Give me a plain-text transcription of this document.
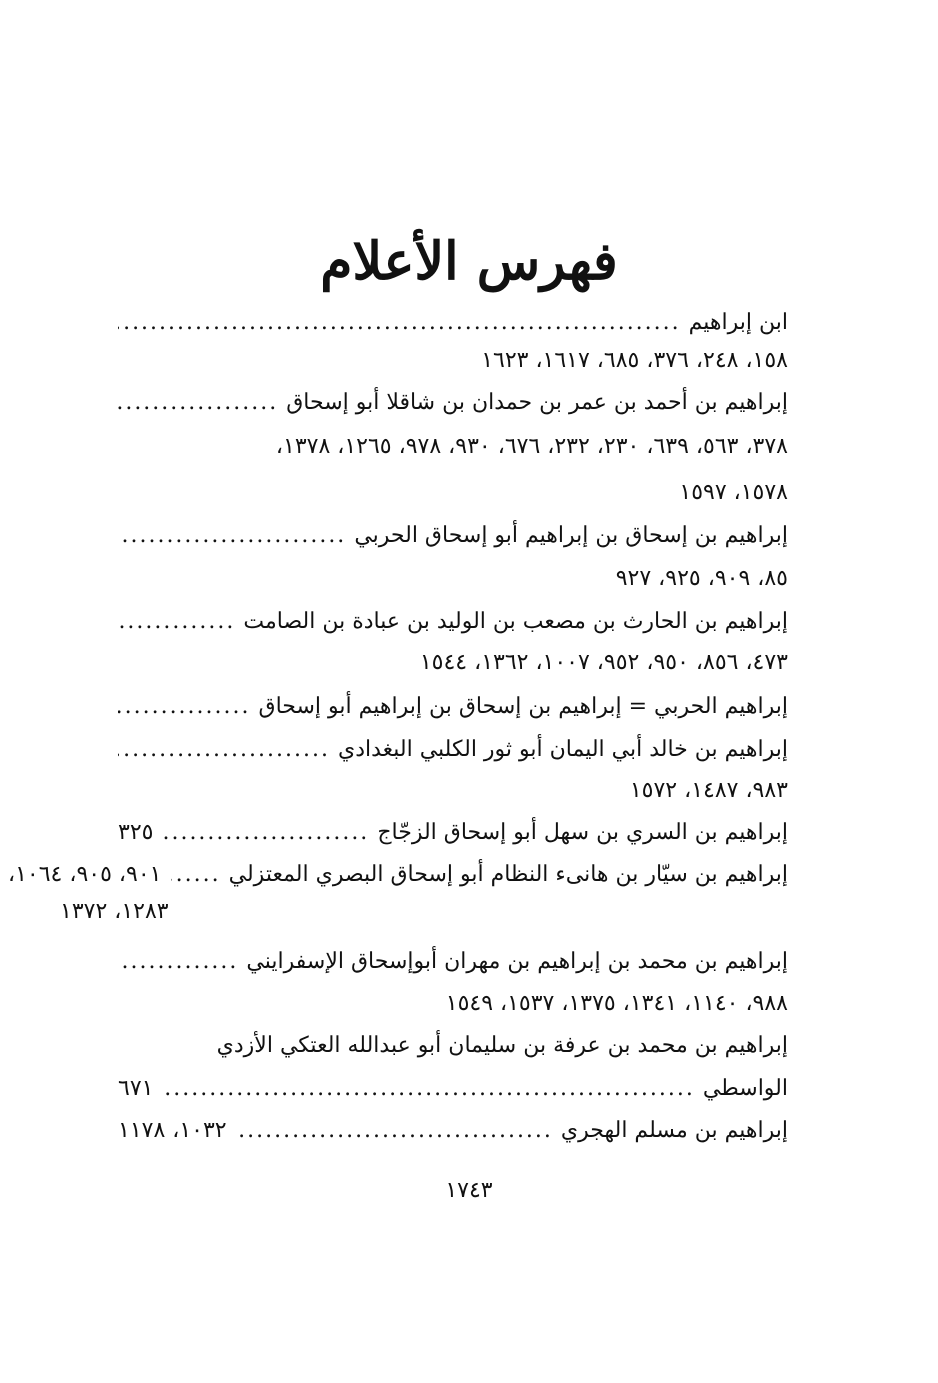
فهرس الأعلام
ابن إبراهيم
.....
١٥٨، ٢٤٨، ٣٧٦، ٦٨٥، ١٦١٧، ١٦٢٣
إبراهيم بن أحمد بن عمر بن حمدان بن شاقلا أبو إسحاق
.....
٣٧٨، ٥٦٣، ٦٣٩، ٢٣٠، ٢٣٢، ٦٧٦، ٩٣٠، ٩٧٨، ١٢٦٥، ١٣٧٨،
١٥٧٨، ١٥٩٧
إبراهيم بن إسحاق بن إبراهيم أبو إسحاق الحربي
.....
٨٥، ٩٠٩، ٩٢٥، ٩٢٧
إبراهيم بن الحارث بن مصعب بن الوليد بن عبادة بن الصامت
.....
٤٧٣، ٨٥٦، ٩٥٠، ٩٥٢، ١٠٠٧، ١٣٦٢، ١٥٤٤
إبراهيم الحربي = إبراهيم بن إسحاق بن إبراهيم أبو إسحاق
.....
إبراهيم بن خالد أبي اليمان أبو ثور الكلبي البغدادي
.....
٩٨٣، ١٤٨٧، ١٥٧٢
إبراهيم بن السري بن سهل أبو إسحاق الزجّاج
.....
٣٢٥
إبراهيم بن سيّار بن هانىء النظام أبو إسحاق البصري المعتزلي
.....
٩٠١، ٩٠٥، ١٠٦٤،
١٢٨٣، ١٣٧٢
إبراهيم بن محمد بن إبراهيم بن مهران أبوإسحاق الإسفرايني
.....
٩٨٨، ١١٤٠، ١٣٤١، ١٣٧٥، ١٥٣٧، ١٥٤٩
إبراهيم بن محمد بن عرفة بن سليمان أبو عبدالله العتكي الأزدي
الواسطي
.....
٦٧١
إبراهيم بن مسلم الهجري
.....
١٠٣٢، ١١٧٨
١٧٤٣
